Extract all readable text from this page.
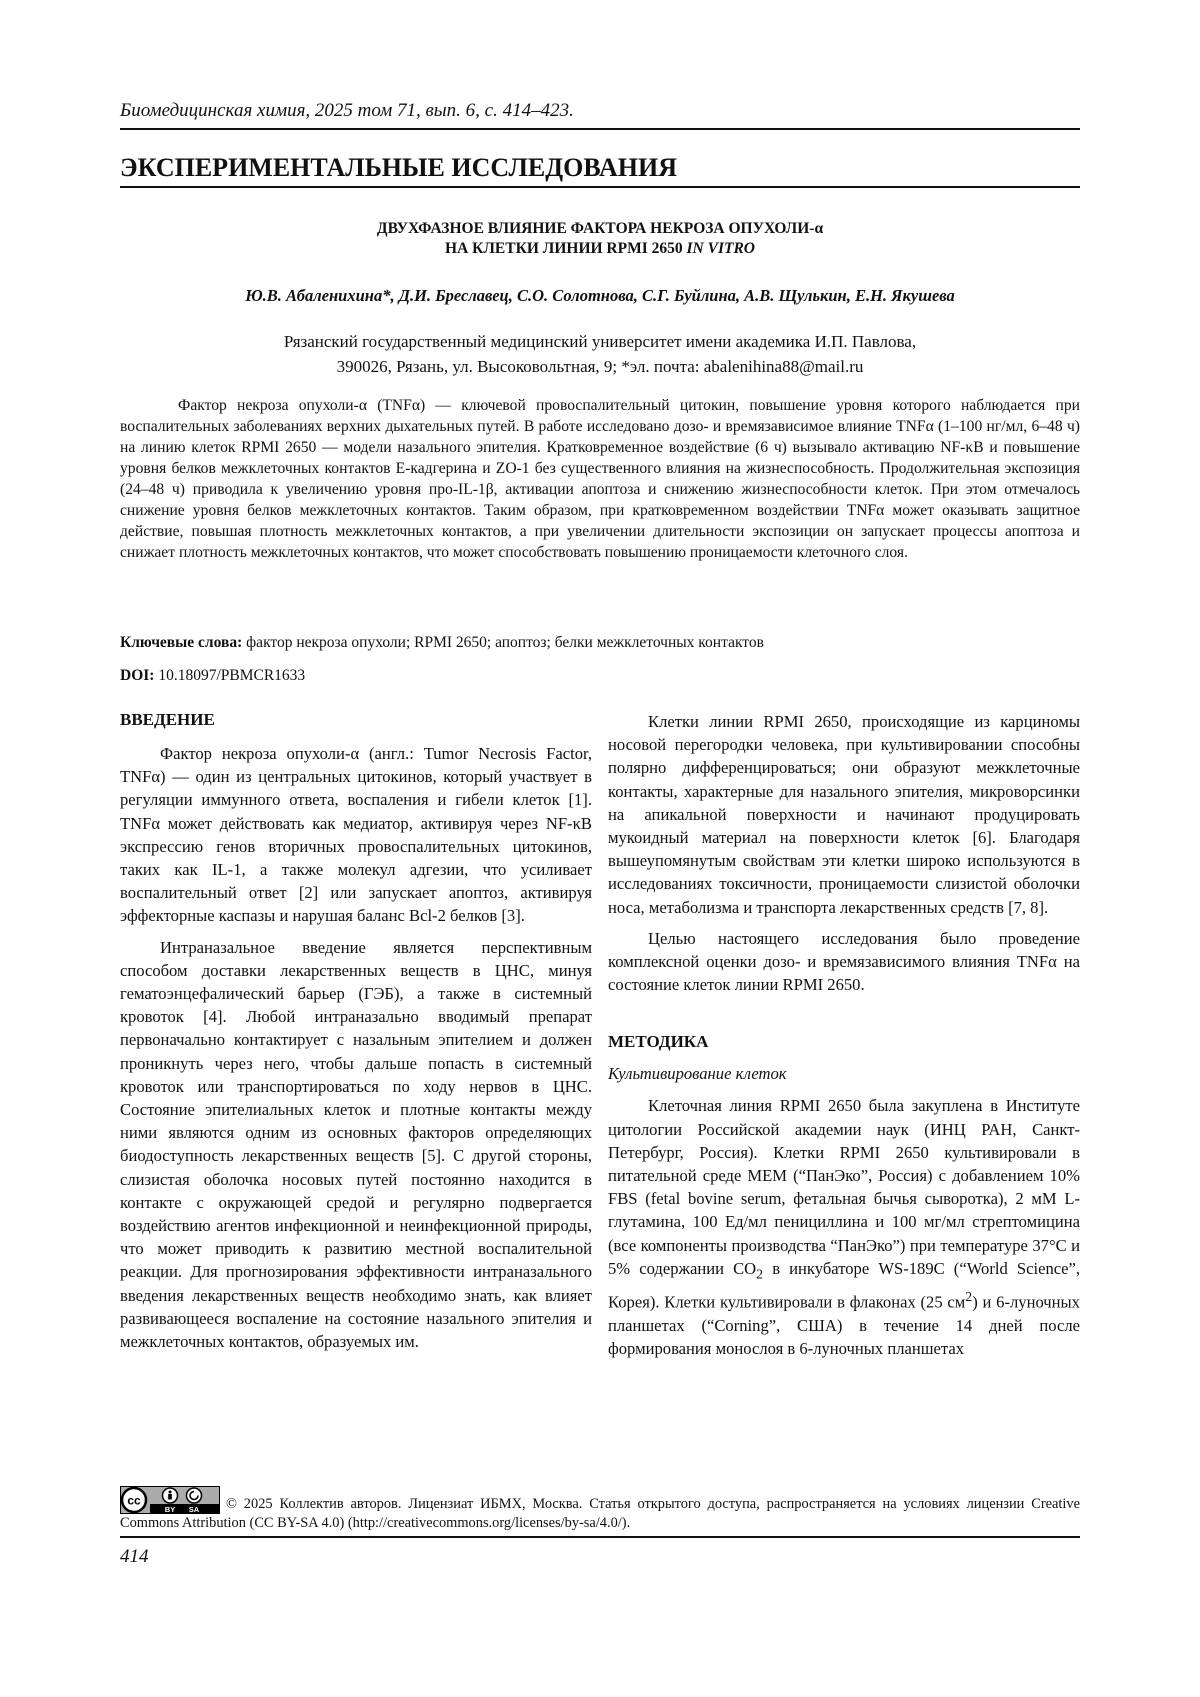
Биомедицинская химия, 2025 том 71, вып. 6, с. 414–423.

ЭКСПЕРИМЕНТАЛЬНЫЕ ИССЛЕДОВАНИЯ
ДВУХФАЗНОЕ ВЛИЯНИЕ ФАКТОРА НЕКРОЗА ОПУХОЛИ-α
НА КЛЕТКИ ЛИНИИ RPMI 2650 IN VITRO

Ю.В. Абаленихина*, Д.И. Бреславец, С.О. Солотнова, С.Г. Буйлина, А.В. Щулькин, Е.Н. Якушева

Рязанский государственный медицинский университет имени академика И.П. Павлова,
390026, Рязань, ул. Высоковольтная, 9; *эл. почта: abalenihina88@mail.ru

Фактор некроза опухоли-α (TNFα) — ключевой провоспалительный цитокин, повышение уровня которого наблюдается при воспалительных заболеваниях верхних дыхательных путей. В работе исследовано дозо- и времязависимое влияние TNFα (1–100 нг/мл, 6–48 ч) на линию клеток RPMI 2650 — модели назального эпителия. Кратковременное воздействие (6 ч) вызывало активацию NF-κB и повышение уровня белков межклеточных контактов Е-кадгерина и ZO-1 без существенного влияния на жизнеспособность. Продолжительная экспозиция (24–48 ч) приводила к увеличению уровня про-IL-1β, активации апоптоза и снижению жизнеспособности клеток. При этом отмечалось снижение уровня белков межклеточных контактов. Таким образом, при кратковременном воздействии TNFα может оказывать защитное действие, повышая плотность межклеточных контактов, а при увеличении длительности экспозиции он запускает процессы апоптоза и снижает плотность межклеточных контактов, что может способствовать повышению проницаемости клеточного слоя.

Ключевые слова: фактор некроза опухоли; RPMI 2650; апоптоз; белки межклеточных контактов

DOI: 10.18097/PBMCR1633

ВВЕДЕНИЕ

Фактор некроза опухоли-α (англ.: Tumor Necrosis Factor, TNFα) — один из центральных цитокинов, который участвует в регуляции иммунного ответа, воспаления и гибели клеток [1]. TNFα может действовать как медиатор, активируя через NF-κB экспрессию генов вторичных провоспалительных цитокинов, таких как IL-1, а также молекул адгезии, что усиливает воспалительный ответ [2] или запускает апоптоз, активируя эффекторные каспазы и нарушая баланс Bcl-2 белков [3].

Интраназальное введение является перспективным способом доставки лекарственных веществ в ЦНС, минуя гематоэнцефалический барьер (ГЭБ), а также в системный кровоток [4]. Любой интраназально вводимый препарат первоначально контактирует с назальным эпителием и должен проникнуть через него, чтобы дальше попасть в системный кровоток или транспортироваться по ходу нервов в ЦНС. Состояние эпителиальных клеток и плотные контакты между ними являются одним из основных факторов определяющих биодоступность лекарственных веществ [5]. С другой стороны, слизистая оболочка носовых путей постоянно находится в контакте с окружающей средой и регулярно подвергается воздействию агентов инфекционной и неинфекционной природы, что может приводить к развитию местной воспалительной реакции. Для прогнозирования эффективности интраназального введения лекарственных веществ необходимо знать, как влияет развивающееся воспаление на состояние назального эпителия и межклеточных контактов, образуемых им.

Клетки линии RPMI 2650, происходящие из карциномы носовой перегородки человека, при культивировании способны полярно дифференцироваться; они образуют межклеточные контакты, характерные для назального эпителия, микроворсинки на апикальной поверхности и начинают продуцировать мукоидный материал на поверхности клеток [6]. Благодаря вышеупомянутым свойствам эти клетки широко используются в исследованиях токсичности, проницаемости слизистой оболочки носа, метаболизма и транспорта лекарственных средств [7, 8].

Целью настоящего исследования было проведение комплексной оценки дозо- и времязависимого влияния TNFα на состояние клеток линии RPMI 2650.

МЕТОДИКА
Культивирование клеток

Клеточная линия RPMI 2650 была закуплена в Институте цитологии Российской академии наук (ИНЦ РАН, Санкт-Петербург, Россия). Клетки RPMI 2650 культивировали в питательной среде MEM (“ПанЭко”, Россия) с добавлением 10% FBS (fetal bovine serum, фетальная бычья сыворотка), 2 мМ L-глутамина, 100 Ед/мл пенициллина и 100 мг/мл стрептомицина (все компоненты производства “ПанЭко”) при температуре 37°C и 5% содержании $CO_2$ в инкубаторе WS-189C (“World Science”, Корея). Клетки культивировали в флаконах (25 $см^2$) и 6-луночных планшетах (“Corning”, США) в течение 14 дней после формирования монослоя в 6-луночных планшетах

cc
BY SA © 2025 Коллектив авторов. Лицензиат ИБМХ, Москва. Статья открытого доступа, распространяется на условиях лицензии Creative Commons Attribution (CC BY-SA 4.0) (http://creativecommons.org/licenses/by-sa/4.0/).

414
